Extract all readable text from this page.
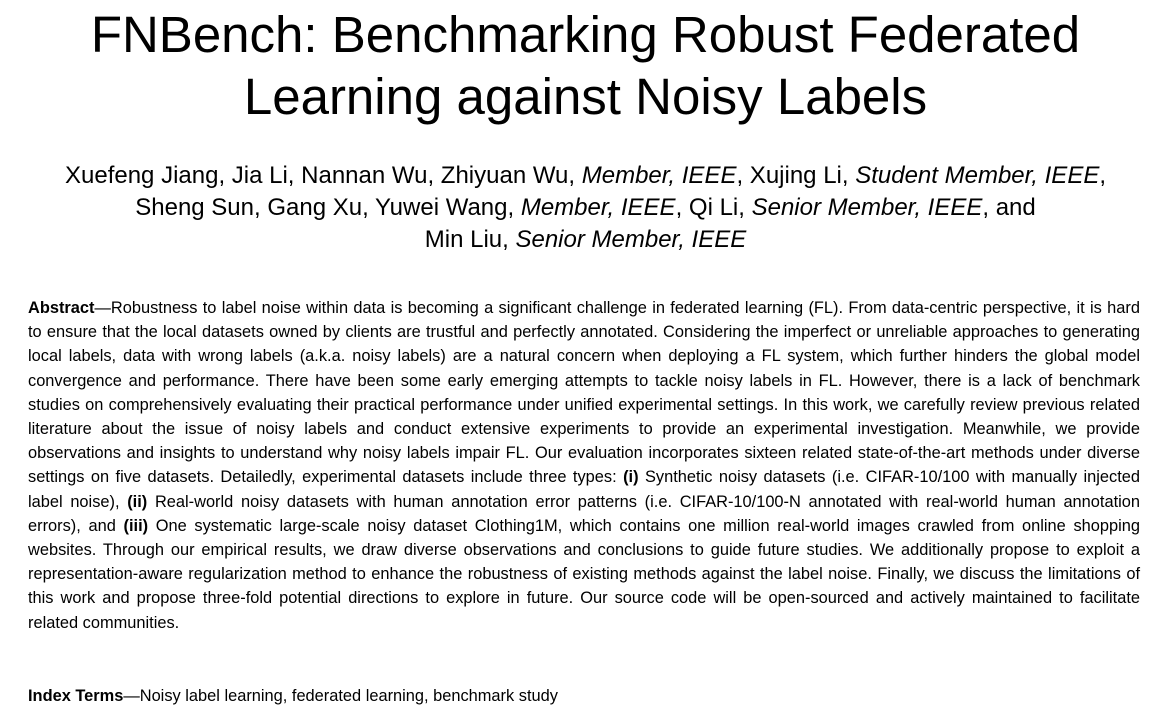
FNBench: Benchmarking Robust Federated
Learning against Noisy Labels
Xuefeng Jiang, Jia Li, Nannan Wu, Zhiyuan Wu, Member, IEEE, Xujing Li, Student Member, IEEE,
Sheng Sun, Gang Xu, Yuwei Wang, Member, IEEE, Qi Li, Senior Member, IEEE, and
Min Liu, Senior Member, IEEE

Abstract—Robustness to label noise within data is becoming a significant challenge in federated learning (FL). From data-centric perspective, it is hard to ensure that the local datasets owned by clients are trustful and perfectly annotated. Considering the imperfect or unreliable approaches to generating local labels, data with wrong labels (a.k.a. noisy labels) are a natural concern when deploying a FL system, which further hinders the global model convergence and performance. There have been some early emerging attempts to tackle noisy labels in FL. However, there is a lack of benchmark studies on comprehensively evaluating their practical performance under unified experimental settings. In this work, we carefully review previous related literature about the issue of noisy labels and conduct extensive experiments to provide an experimental investigation. Meanwhile, we provide observations and insights to understand why noisy labels impair FL. Our evaluation incorporates sixteen related state-of-the-art methods under diverse settings on five datasets. Detailedly, experimental datasets include three types: (i) Synthetic noisy datasets (i.e. CIFAR-10/100 with manually injected label noise), (ii) Real-world noisy datasets with human annotation error patterns (i.e. CIFAR-10/100-N annotated with real-world human annotation errors), and (iii) One systematic large-scale noisy dataset Clothing1M, which contains one million real-world images crawled from online shopping websites. Through our empirical results, we draw diverse observations and conclusions to guide future studies. We additionally propose to exploit a representation-aware regularization method to enhance the robustness of existing methods against the label noise. Finally, we discuss the limitations of this work and propose three-fold potential directions to explore in future. Our source code will be open-sourced and actively maintained to facilitate related communities.

Index Terms—Noisy label learning, federated learning, benchmark study
